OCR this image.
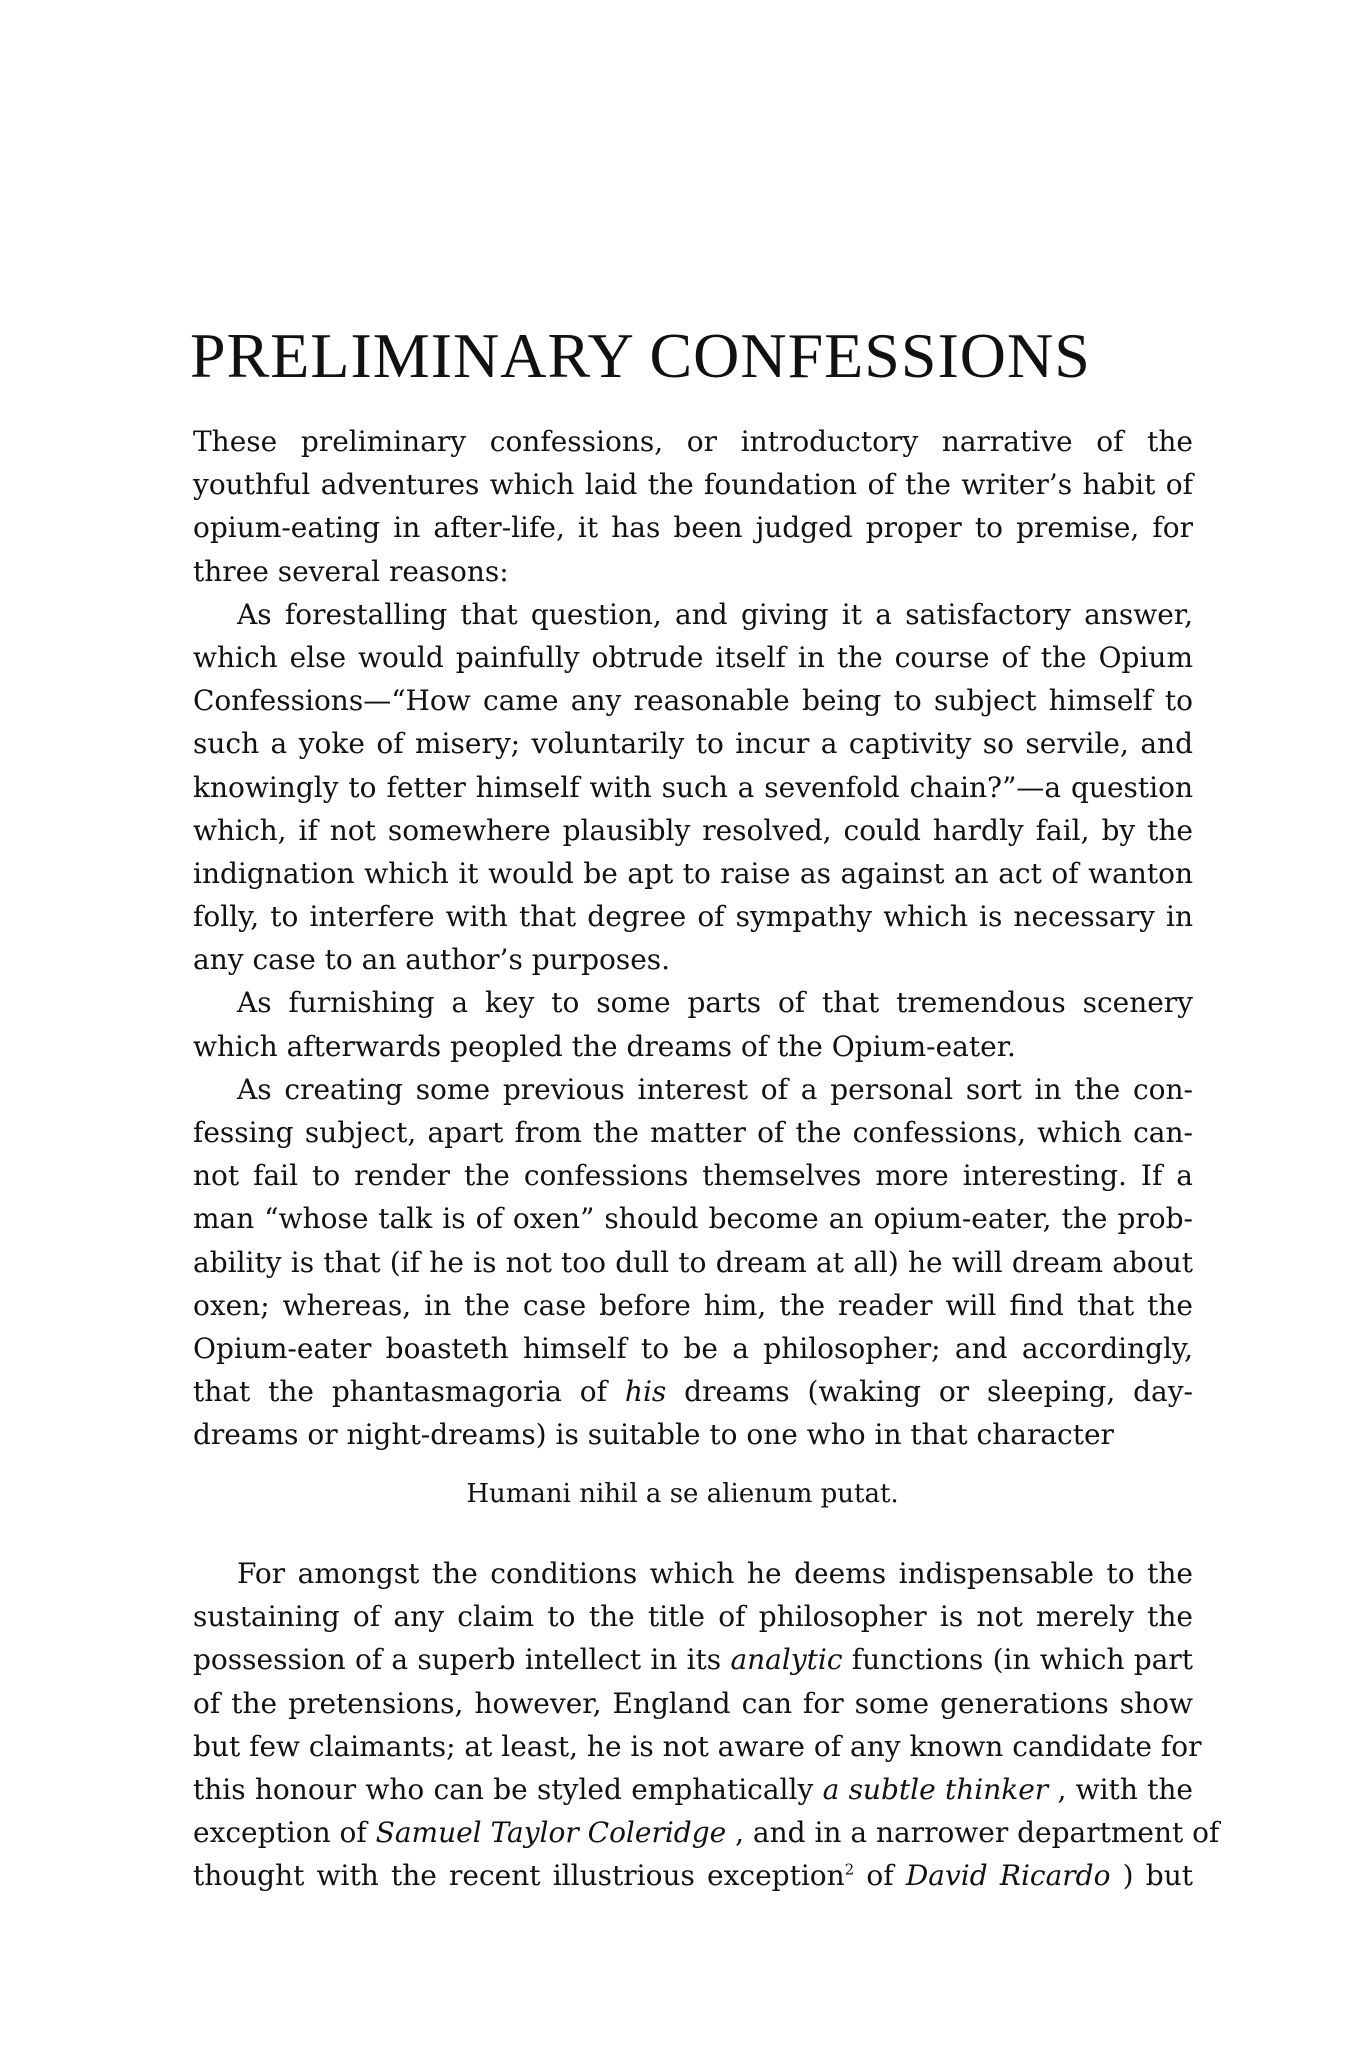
PRELIMINARY CONFESSIONS
These preliminary confessions, or introductory narrative of the
youthful adventures which laid the foundation of the writer’s habit of
opium-eating in after-life, it has been judged proper to premise, for
three several reasons:
As forestalling that question, and giving it a satisfactory answer,
which else would painfully obtrude itself in the course of the Opium
Confessions—“How came any reasonable being to subject himself to
such a yoke of misery; voluntarily to incur a captivity so servile, and
knowingly to fetter himself with such a sevenfold chain?”—a question
which, if not somewhere plausibly resolved, could hardly fail, by the
indignation which it would be apt to raise as against an act of wanton
folly, to interfere with that degree of sympathy which is necessary in
any case to an author’s purposes.
As furnishing a key to some parts of that tremendous scenery
which afterwards peopled the dreams of the Opium-eater.
As creating some previous interest of a personal sort in the con-
fessing subject, apart from the matter of the confessions, which can-
not fail to render the confessions themselves more interesting. If a
man “whose talk is of oxen” should become an opium-eater, the prob-
ability is that (if he is not too dull to dream at all) he will dream about
oxen; whereas, in the case before him, the reader will find that the
Opium-eater boasteth himself to be a philosopher; and accordingly,
that the phantasmagoria of his dreams (waking or sleeping, day-
dreams or night-dreams) is suitable to one who in that character

Humani nihil a se alienum putat.

For amongst the conditions which he deems indispensable to the
sustaining of any claim to the title of philosopher is not merely the
possession of a superb intellect in its analytic functions (in which part
of the pretensions, however, England can for some generations show
but few claimants; at least, he is not aware of any known candidate for
this honour who can be styled emphatically a subtle thinker , with the
exception of Samuel Taylor Coleridge , and in a narrower department of
thought with the recent illustrious exception$^2$ of David Ricardo ) but
